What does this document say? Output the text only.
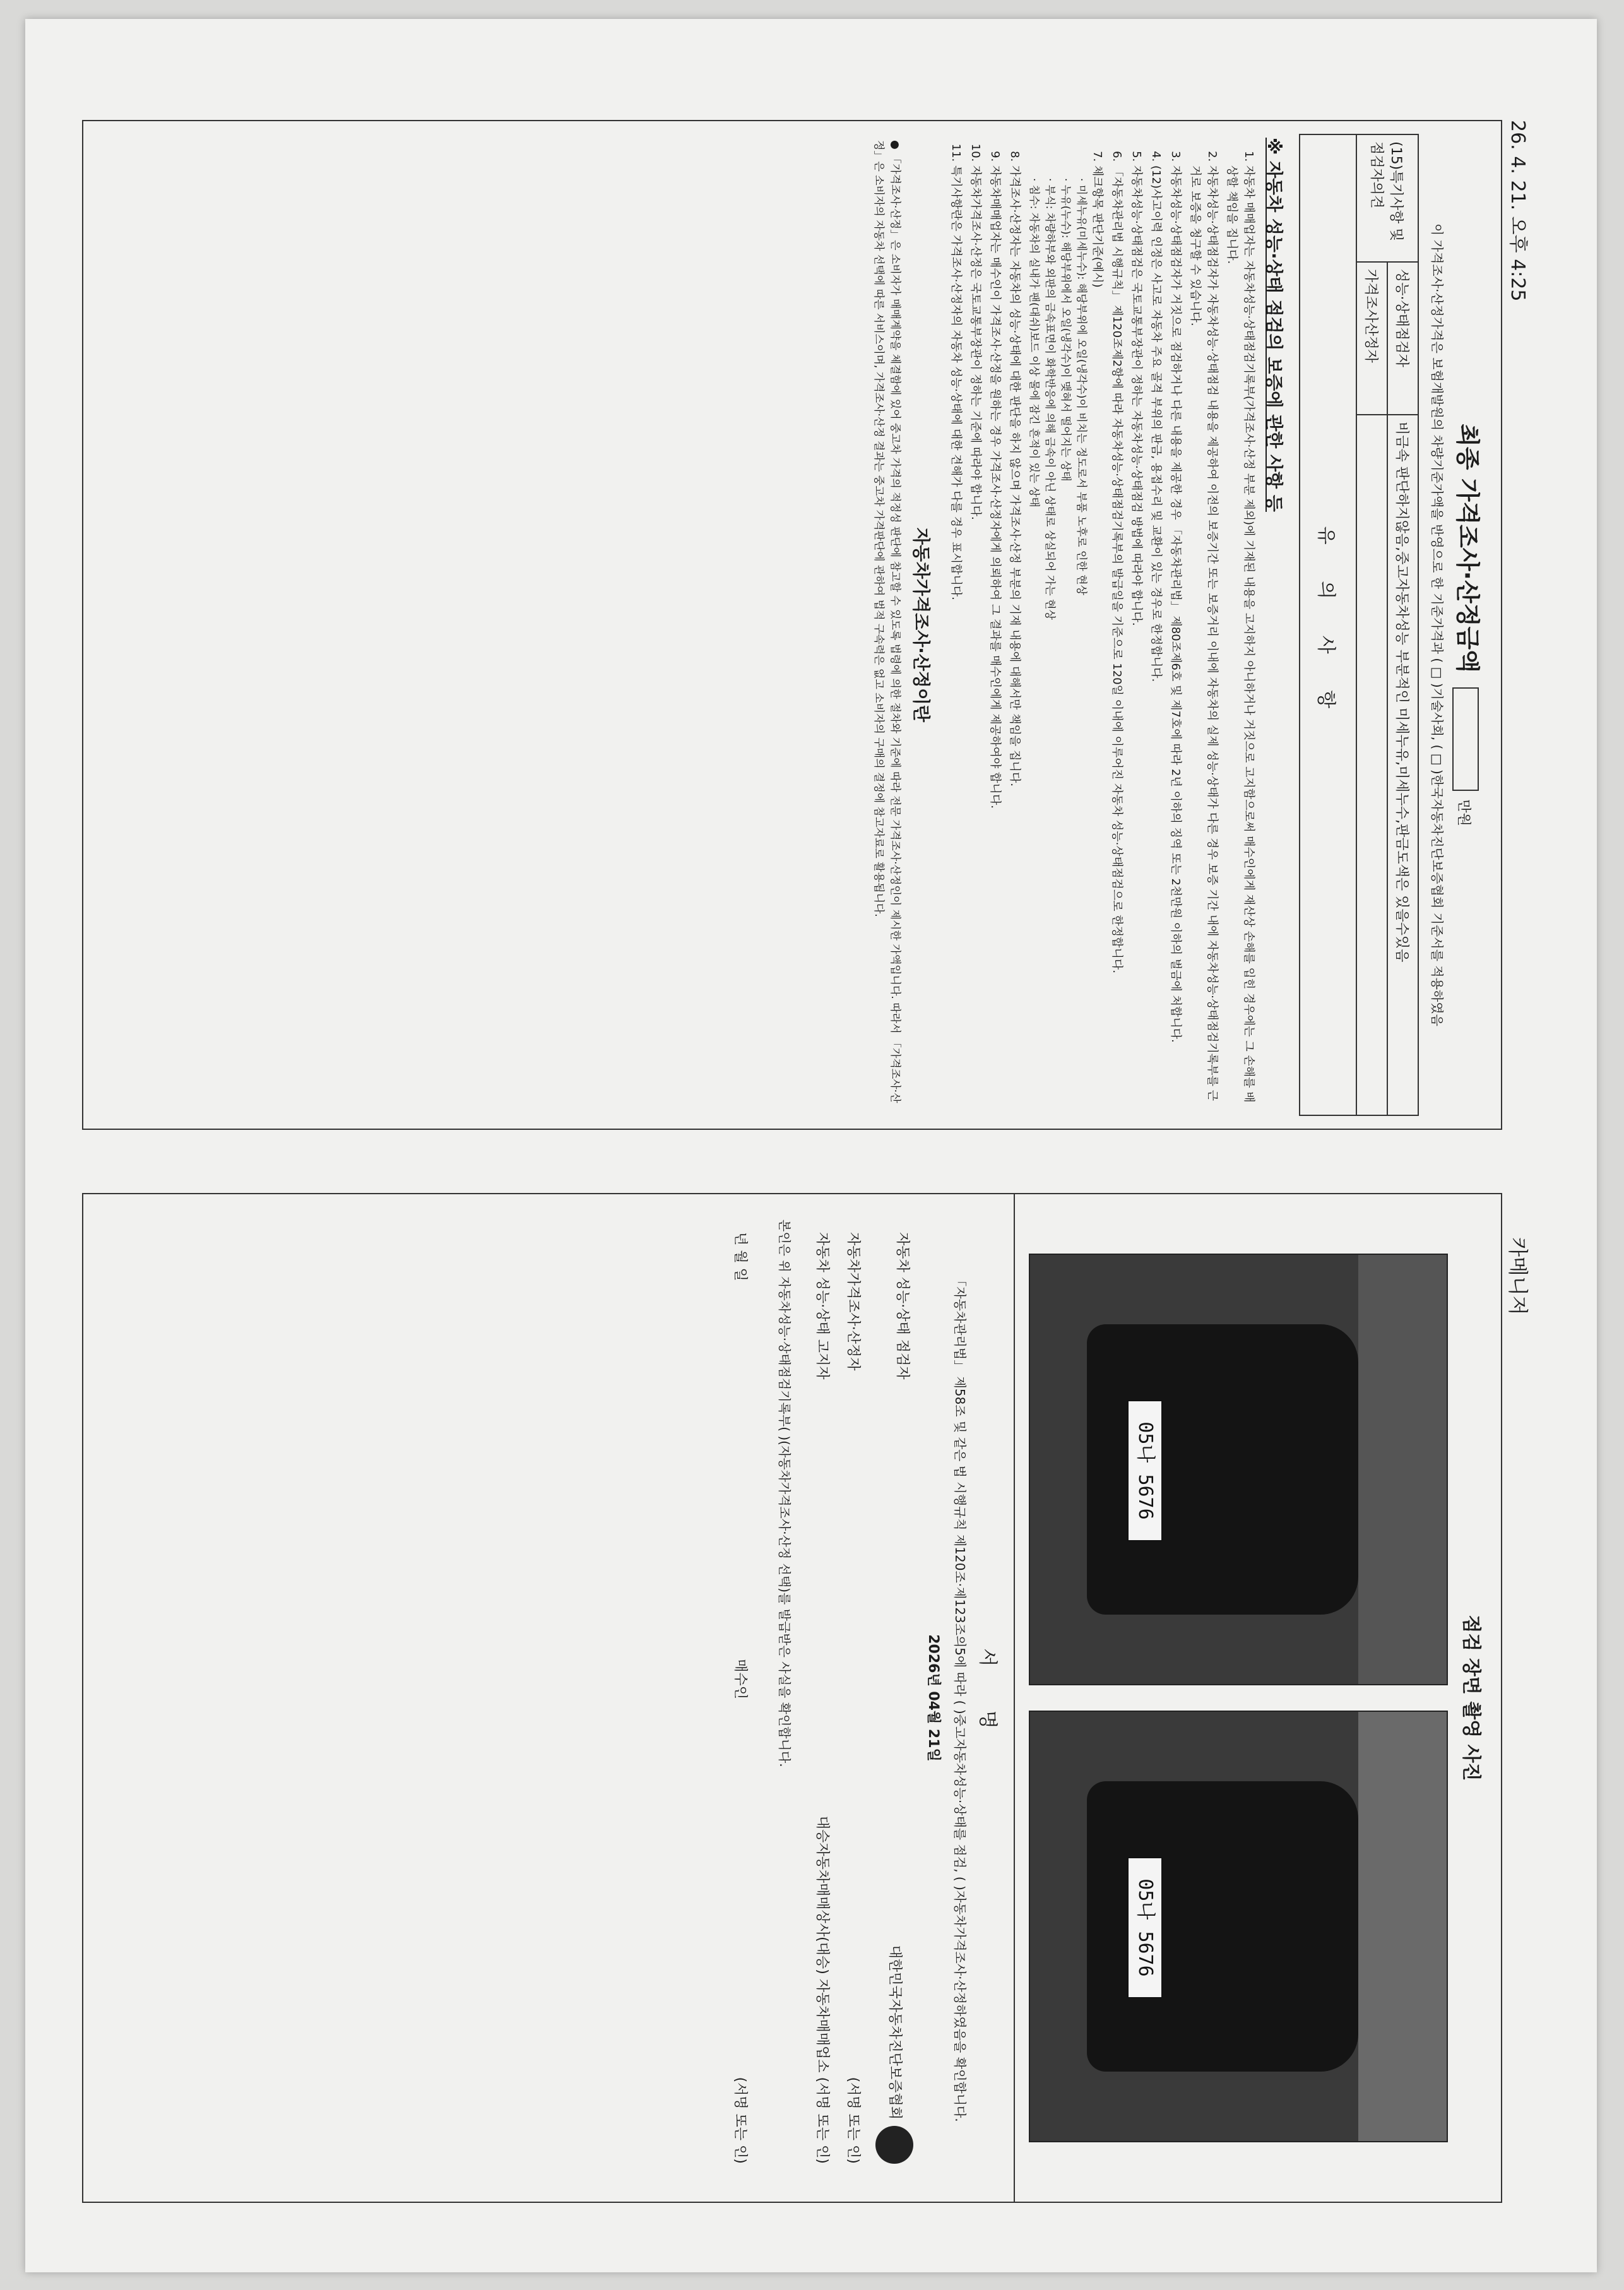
26. 4. 21. 오후 4:25
카메니저
최종 가격조사·산정금액  만원
이 가격조사·산정가격은 보험개발원의 차량기준가액을 반영으로 한 기준가격과 ( □ )기술사회, ( □ )한국자동차진단보증협회 기준서를 적용하였음
(15)특기사항 및 점검자의견	성능·상태점검자	비금속 판단하지않음,중고자동차성능 부분적인 미세누유,미세누수,판금도색은 있을수있음
	가격조사산정자	
유 의 사 항		
※ 자동차 성능·상태 점검의 보증에 관한 사항 등
1. 자동차 매매업자는 자동차성능·상태점검기록부(가격조사·산정 부분 제외)에 기재된 내용을 고지하지 아니하거나 거짓으로 고지함으로써 매수인에게 재산상 손해를 입힌 경우에는 그 손해를 배상할 책임을 집니다.
2. 자동차성능·상태점검자가 자동차성능·상태점검 내용을 제공하여 이전의 보증기간 또는 보증거리 이내에 자동차의 실제 성능·상태가 다른 경우 보증 기간 내에 자동차성능·상태점검기록부를 근거로 보증을 청구할 수 있습니다.
3. 자동차성능·상태점검자가 거짓으로 점검하거나 다른 내용을 제공한 경우 「자동차관리법」 제80조제6호 및 제7호에 따라 2년 이하의 징역 또는 2천만원 이하의 벌금에 처합니다.
4. (12)사고이력 인정은 사고로 자동차 주요 골격 부위의 판금, 용접수리 및 교환이 있는 경우로 한정합니다.
5. 자동차성능·상태점검은 국토교통부장관이 정하는 자동차성능·상태점검 방법에 따라야 합니다.
6. 「자동차관리법 시행규칙」 제120조제2항에 따라 자동차성능·상태점검기록부의 발급일을 기준으로 120일 이내에 이루어진 자동차 성능·상태점검으로 한정합니다.
7. 체크항목 판단기준(예시)
· 미세누유(미세누수): 해당부위에 오일(냉각수)이 비치는 정도로서 부품 노후로 인한 현상
· 누유(누수): 해당부위에서 오일(냉각수)이 맺혀서 떨어지는 상태
· 부식: 차량하부와 외판의 금속표면이 화학반응에 의해 금속이 아닌 상태로 상실되어 가는 현상
· 침수: 자동차의 실내가 팬(대쉬)보드 이상 물에 잠긴 흔적이 있는 상태
8. 가격조사·산정자는 자동차의 성능·상태에 대한 판단을 하지 않으며 가격조사·산정 부분의 기재 내용에 대해서만 책임을 집니다.
9. 자동차매매업자는 매수인이 가격조사·산정을 원하는 경우 가격조사·산정자에게 의뢰하여 그 결과를 매수인에게 제공하여야 합니다.
10. 자동차가격조사·산정은 국토교통부장관이 정하는 기준에 따라야 합니다.
11. 특기사항란은 가격조사·산정자의 자동차 성능·상태에 대한 견해가 다를 경우 표시합니다.
자동차가격조사·산정이란
● 「가격조사·산정」은 소비자가 매매계약을 체결함에 있어 중고차 가격의 적정성 판단에 참고할 수 있도록 법령에 의한 절차와 기준에 따라 전문 가격조사·산정인이 제시한 가액입니다. 따라서 「가격조사·산정」은 소비자의 자동차 선택에 따른 서비스이며, 가격조사·산정 결과는 중고차 가격판단에 관하여 법적 구속력은 없고 소비자의 구매의 결정에 참고자료로 활용됩니다.
점검 장면 촬영 사진
05나 5676
05나 5676
서 명
「자동차관리법」 제58조 및 같은 법 시행규칙 제120조·제123조의5에 따라 ( )중고자동차성능·상태를 점검, ( )자동차가격조사·산정하였음을 확인합니다.
2026년 04월 21일
자동차 성능·상태 점검자
대한민국자동차진단보증협회
자동차가격조사·산정자
(서명 또는 인)
자동차 성능·상태 고지자
대승자동차매매상사(대승) 자동차매매업소 (서명 또는 인)
본인은 위 자동차성능·상태점검기록부( )(자동차가격조사·산정 선택)를 발급받은 사실을 확인합니다.
년 월 일
매수인
(서명 또는 인)
